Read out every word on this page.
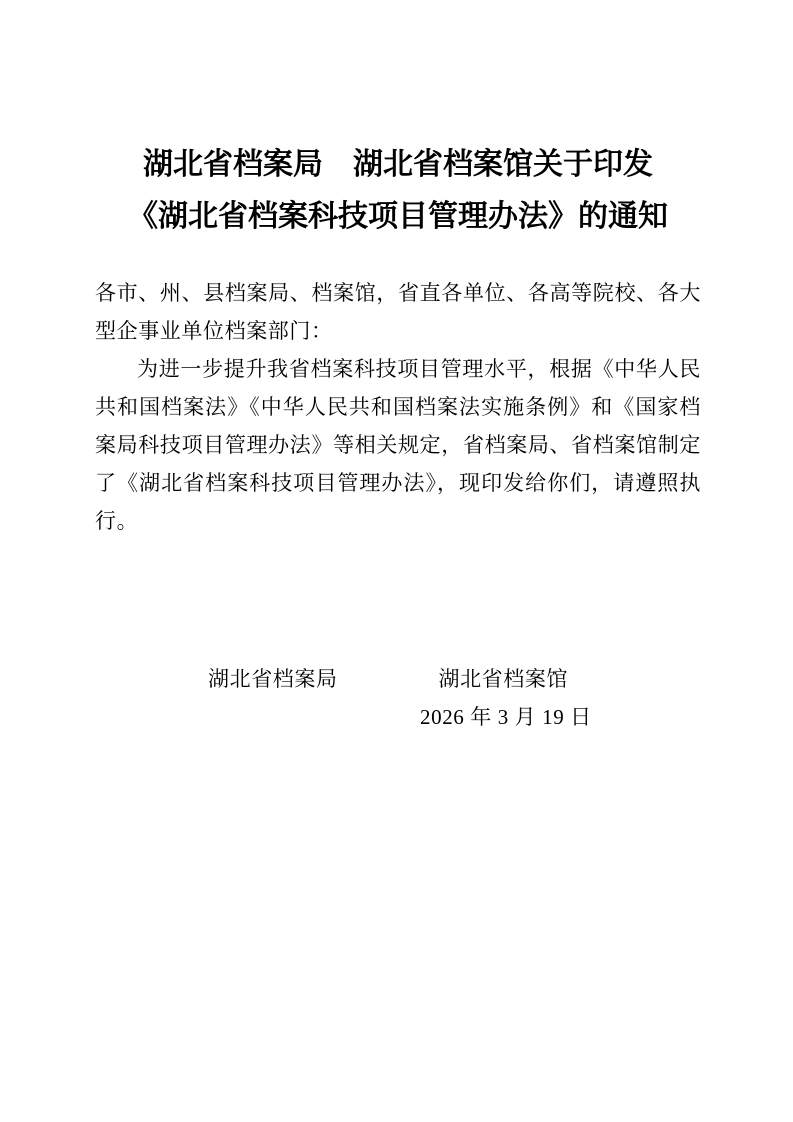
湖北省档案局　湖北省档案馆关于印发
《湖北省档案科技项目管理办法》的通知

各市、州、县档案局、档案馆，省直各单位、各高等院校、各大型企事业单位档案部门：

为进一步提升我省档案科技项目管理水平，根据《中华人民共和国档案法》《中华人民共和国档案法实施条例》和《国家档案局科技项目管理办法》等相关规定，省档案局、省档案馆制定了《湖北省档案科技项目管理办法》，现印发给你们，请遵照执行。

湖北省档案局	湖北省档案馆
2026 年 3 月 19 日
